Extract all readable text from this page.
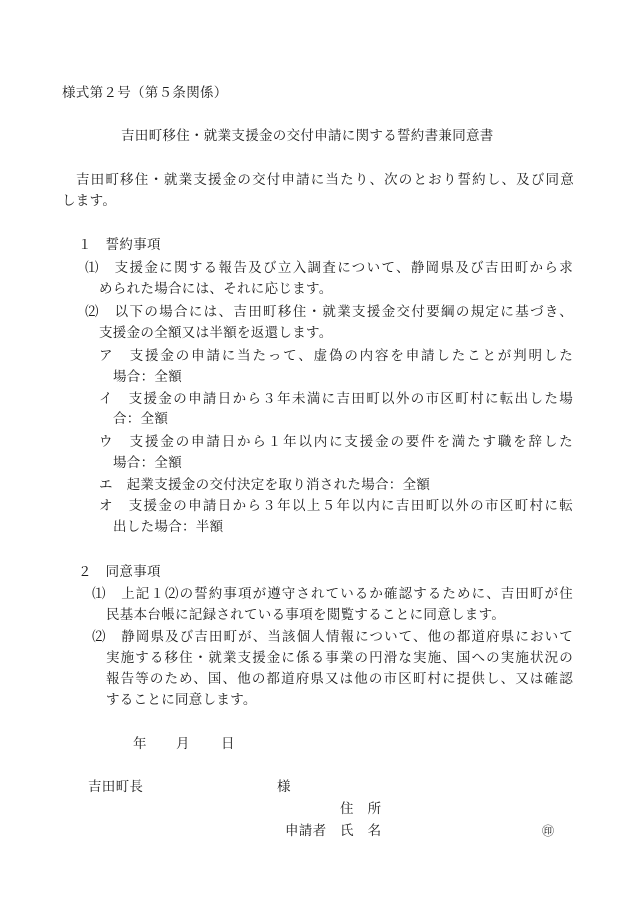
様式第２号（第５条関係）
吉田町移住・就業支援金の交付申請に関する誓約書兼同意書
吉田町移住・就業支援金の交付申請に当たり、次のとおり誓約し、及び同意
します。
１　誓約事項
⑴　支援金に関する報告及び立入調査について、静岡県及び吉田町から求
められた場合には、それに応じます。
⑵　以下の場合には、吉田町移住・就業支援金交付要綱の規定に基づき、
支援金の全額又は半額を返還します。
ア　支援金の申請に当たって、虚偽の内容を申請したことが判明した
場合：全額
イ　支援金の申請日から３年未満に吉田町以外の市区町村に転出した場
合：全額
ウ　支援金の申請日から１年以内に支援金の要件を満たす職を辞した
場合：全額
エ　起業支援金の交付決定を取り消された場合：全額
オ　支援金の申請日から３年以上５年以内に吉田町以外の市区町村に転
出した場合：半額
２　同意事項
⑴　上記１⑵の誓約事項が遵守されているか確認するために、吉田町が住
民基本台帳に記録されている事項を閲覧することに同意します。
⑵　静岡県及び吉田町が、当該個人情報について、他の都道府県において
実施する移住・就業支援金に係る事業の円滑な実施、国への実施状況の
報告等のため、国、他の都道府県又は他の市区町村に提供し、又は確認
することに同意します。
年 月 日
吉田町長	様
住　所
申請者 氏　名	㊞
